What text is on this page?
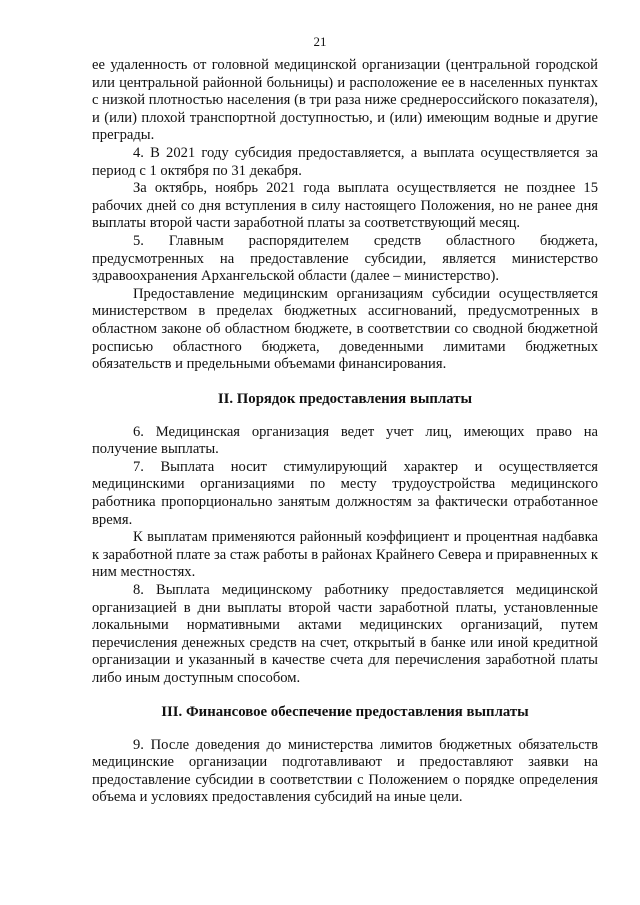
21

ее удаленность от головной медицинской организации (центральной городской или центральной районной больницы) и расположение ее в населенных пунктах с низкой плотностью населения (в три раза ниже среднероссийского показателя), и (или) плохой транспортной доступностью, и (или) имеющим водные и другие преграды.

4. В 2021 году субсидия предоставляется, а выплата осуществляется за период с 1 октября по 31 декабря.

За октябрь, ноябрь 2021 года выплата осуществляется не позднее 15 рабочих дней со дня вступления в силу настоящего Положения, но не ранее дня выплаты второй части заработной платы за соответствующий месяц.

5. Главным распорядителем средств областного бюджета, предусмотренных на предоставление субсидии, является министерство здравоохранения Архангельской области (далее – министерство).

Предоставление медицинским организациям субсидии осуществляется министерством в пределах бюджетных ассигнований, предусмотренных в областном законе об областном бюджете, в соответствии со сводной бюджетной росписью областного бюджета, доведенными лимитами бюджетных обязательств и предельными объемами финансирования.

II. Порядок предоставления выплаты

6. Медицинская организация ведет учет лиц, имеющих право на получение выплаты.

7. Выплата носит стимулирующий характер и осуществляется медицинскими организациями по месту трудоустройства медицинского работника пропорционально занятым должностям за фактически отработанное время.

К выплатам применяются районный коэффициент и процентная надбавка к заработной плате за стаж работы в районах Крайнего Севера и приравненных к ним местностях.

8. Выплата медицинскому работнику предоставляется медицинской организацией в дни выплаты второй части заработной платы, установленные локальными нормативными актами медицинских организаций, путем перечисления денежных средств на счет, открытый в банке или иной кредитной организации и указанный в качестве счета для перечисления заработной платы либо иным доступным способом.

III. Финансовое обеспечение предоставления выплаты

9. После доведения до министерства лимитов бюджетных обязательств медицинские организации подготавливают и предоставляют заявки на предоставление субсидии в соответствии с Положением о порядке определения объема и условиях предоставления субсидий на иные цели.
